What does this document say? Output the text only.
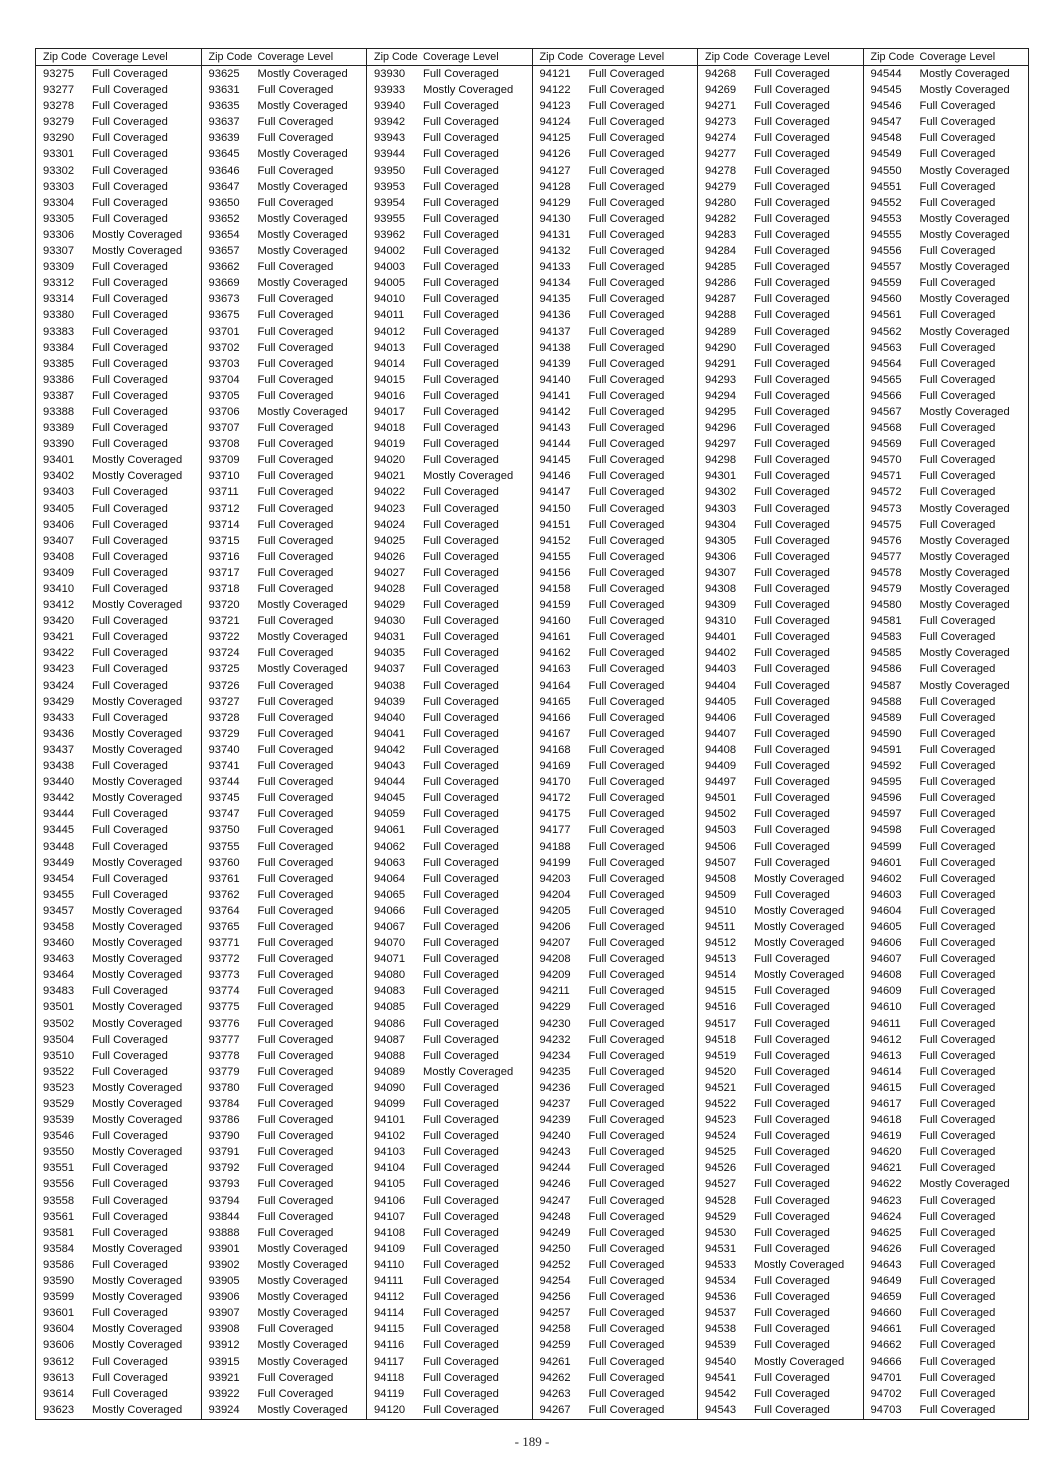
Zip Code Coverage Level
93275	Full Coveraged
93277	Full Coveraged
93278	Full Coveraged
93279	Full Coveraged
93290	Full Coveraged
93301	Full Coveraged
93302	Full Coveraged
93303	Full Coveraged
93304	Full Coveraged
93305	Full Coveraged
93306	Mostly Coveraged
93307	Mostly Coveraged
93309	Full Coveraged
93312	Full Coveraged
93314	Full Coveraged
93380	Full Coveraged
93383	Full Coveraged
93384	Full Coveraged
93385	Full Coveraged
93386	Full Coveraged
93387	Full Coveraged
93388	Full Coveraged
93389	Full Coveraged
93390	Full Coveraged
93401	Mostly Coveraged
93402	Mostly Coveraged
93403	Full Coveraged
93405	Full Coveraged
93406	Full Coveraged
93407	Full Coveraged
93408	Full Coveraged
93409	Full Coveraged
93410	Full Coveraged
93412	Mostly Coveraged
93420	Full Coveraged
93421	Full Coveraged
93422	Full Coveraged
93423	Full Coveraged
93424	Full Coveraged
93429	Mostly Coveraged
93433	Full Coveraged
93436	Mostly Coveraged
93437	Mostly Coveraged
93438	Full Coveraged
93440	Mostly Coveraged
93442	Mostly Coveraged
93444	Full Coveraged
93445	Full Coveraged
93448	Full Coveraged
93449	Mostly Coveraged
93454	Full Coveraged
93455	Full Coveraged
93457	Mostly Coveraged
93458	Mostly Coveraged
93460	Mostly Coveraged
93463	Mostly Coveraged
93464	Mostly Coveraged
93483	Full Coveraged
93501	Mostly Coveraged
93502	Mostly Coveraged
93504	Full Coveraged
93510	Full Coveraged
93522	Full Coveraged
93523	Mostly Coveraged
93529	Mostly Coveraged
93539	Mostly Coveraged
93546	Full Coveraged
93550	Mostly Coveraged
93551	Full Coveraged
93556	Full Coveraged
93558	Full Coveraged
93561	Full Coveraged
93581	Full Coveraged
93584	Mostly Coveraged
93586	Full Coveraged
93590	Mostly Coveraged
93599	Mostly Coveraged
93601	Full Coveraged
93604	Mostly Coveraged
93606	Mostly Coveraged
93612	Full Coveraged
93613	Full Coveraged
93614	Full Coveraged
93623	Mostly Coveraged
Zip Code Coverage Level
93625	Mostly Coveraged
93631	Full Coveraged
93635	Mostly Coveraged
93637	Full Coveraged
93639	Full Coveraged
93645	Mostly Coveraged
93646	Full Coveraged
93647	Mostly Coveraged
93650	Full Coveraged
93652	Mostly Coveraged
93654	Mostly Coveraged
93657	Mostly Coveraged
93662	Full Coveraged
93669	Mostly Coveraged
93673	Full Coveraged
93675	Full Coveraged
93701	Full Coveraged
93702	Full Coveraged
93703	Full Coveraged
93704	Full Coveraged
93705	Full Coveraged
93706	Mostly Coveraged
93707	Full Coveraged
93708	Full Coveraged
93709	Full Coveraged
93710	Full Coveraged
93711	Full Coveraged
93712	Full Coveraged
93714	Full Coveraged
93715	Full Coveraged
93716	Full Coveraged
93717	Full Coveraged
93718	Full Coveraged
93720	Mostly Coveraged
93721	Full Coveraged
93722	Mostly Coveraged
93724	Full Coveraged
93725	Mostly Coveraged
93726	Full Coveraged
93727	Full Coveraged
93728	Full Coveraged
93729	Full Coveraged
93740	Full Coveraged
93741	Full Coveraged
93744	Full Coveraged
93745	Full Coveraged
93747	Full Coveraged
93750	Full Coveraged
93755	Full Coveraged
93760	Full Coveraged
93761	Full Coveraged
93762	Full Coveraged
93764	Full Coveraged
93765	Full Coveraged
93771	Full Coveraged
93772	Full Coveraged
93773	Full Coveraged
93774	Full Coveraged
93775	Full Coveraged
93776	Full Coveraged
93777	Full Coveraged
93778	Full Coveraged
93779	Full Coveraged
93780	Full Coveraged
93784	Full Coveraged
93786	Full Coveraged
93790	Full Coveraged
93791	Full Coveraged
93792	Full Coveraged
93793	Full Coveraged
93794	Full Coveraged
93844	Full Coveraged
93888	Full Coveraged
93901	Mostly Coveraged
93902	Mostly Coveraged
93905	Mostly Coveraged
93906	Mostly Coveraged
93907	Mostly Coveraged
93908	Full Coveraged
93912	Mostly Coveraged
93915	Mostly Coveraged
93921	Full Coveraged
93922	Full Coveraged
93924	Mostly Coveraged
Zip Code Coverage Level
93930	Full Coveraged
93933	Mostly Coveraged
93940	Full Coveraged
93942	Full Coveraged
93943	Full Coveraged
93944	Full Coveraged
93950	Full Coveraged
93953	Full Coveraged
93954	Full Coveraged
93955	Full Coveraged
93962	Full Coveraged
94002	Full Coveraged
94003	Full Coveraged
94005	Full Coveraged
94010	Full Coveraged
94011	Full Coveraged
94012	Full Coveraged
94013	Full Coveraged
94014	Full Coveraged
94015	Full Coveraged
94016	Full Coveraged
94017	Full Coveraged
94018	Full Coveraged
94019	Full Coveraged
94020	Full Coveraged
94021	Mostly Coveraged
94022	Full Coveraged
94023	Full Coveraged
94024	Full Coveraged
94025	Full Coveraged
94026	Full Coveraged
94027	Full Coveraged
94028	Full Coveraged
94029	Full Coveraged
94030	Full Coveraged
94031	Full Coveraged
94035	Full Coveraged
94037	Full Coveraged
94038	Full Coveraged
94039	Full Coveraged
94040	Full Coveraged
94041	Full Coveraged
94042	Full Coveraged
94043	Full Coveraged
94044	Full Coveraged
94045	Full Coveraged
94059	Full Coveraged
94061	Full Coveraged
94062	Full Coveraged
94063	Full Coveraged
94064	Full Coveraged
94065	Full Coveraged
94066	Full Coveraged
94067	Full Coveraged
94070	Full Coveraged
94071	Full Coveraged
94080	Full Coveraged
94083	Full Coveraged
94085	Full Coveraged
94086	Full Coveraged
94087	Full Coveraged
94088	Full Coveraged
94089	Mostly Coveraged
94090	Full Coveraged
94099	Full Coveraged
94101	Full Coveraged
94102	Full Coveraged
94103	Full Coveraged
94104	Full Coveraged
94105	Full Coveraged
94106	Full Coveraged
94107	Full Coveraged
94108	Full Coveraged
94109	Full Coveraged
94110	Full Coveraged
94111	Full Coveraged
94112	Full Coveraged
94114	Full Coveraged
94115	Full Coveraged
94116	Full Coveraged
94117	Full Coveraged
94118	Full Coveraged
94119	Full Coveraged
94120	Full Coveraged
Zip Code Coverage Level
94121	Full Coveraged
94122	Full Coveraged
94123	Full Coveraged
94124	Full Coveraged
94125	Full Coveraged
94126	Full Coveraged
94127	Full Coveraged
94128	Full Coveraged
94129	Full Coveraged
94130	Full Coveraged
94131	Full Coveraged
94132	Full Coveraged
94133	Full Coveraged
94134	Full Coveraged
94135	Full Coveraged
94136	Full Coveraged
94137	Full Coveraged
94138	Full Coveraged
94139	Full Coveraged
94140	Full Coveraged
94141	Full Coveraged
94142	Full Coveraged
94143	Full Coveraged
94144	Full Coveraged
94145	Full Coveraged
94146	Full Coveraged
94147	Full Coveraged
94150	Full Coveraged
94151	Full Coveraged
94152	Full Coveraged
94155	Full Coveraged
94156	Full Coveraged
94158	Full Coveraged
94159	Full Coveraged
94160	Full Coveraged
94161	Full Coveraged
94162	Full Coveraged
94163	Full Coveraged
94164	Full Coveraged
94165	Full Coveraged
94166	Full Coveraged
94167	Full Coveraged
94168	Full Coveraged
94169	Full Coveraged
94170	Full Coveraged
94172	Full Coveraged
94175	Full Coveraged
94177	Full Coveraged
94188	Full Coveraged
94199	Full Coveraged
94203	Full Coveraged
94204	Full Coveraged
94205	Full Coveraged
94206	Full Coveraged
94207	Full Coveraged
94208	Full Coveraged
94209	Full Coveraged
94211	Full Coveraged
94229	Full Coveraged
94230	Full Coveraged
94232	Full Coveraged
94234	Full Coveraged
94235	Full Coveraged
94236	Full Coveraged
94237	Full Coveraged
94239	Full Coveraged
94240	Full Coveraged
94243	Full Coveraged
94244	Full Coveraged
94246	Full Coveraged
94247	Full Coveraged
94248	Full Coveraged
94249	Full Coveraged
94250	Full Coveraged
94252	Full Coveraged
94254	Full Coveraged
94256	Full Coveraged
94257	Full Coveraged
94258	Full Coveraged
94259	Full Coveraged
94261	Full Coveraged
94262	Full Coveraged
94263	Full Coveraged
94267	Full Coveraged
Zip Code Coverage Level
94268	Full Coveraged
94269	Full Coveraged
94271	Full Coveraged
94273	Full Coveraged
94274	Full Coveraged
94277	Full Coveraged
94278	Full Coveraged
94279	Full Coveraged
94280	Full Coveraged
94282	Full Coveraged
94283	Full Coveraged
94284	Full Coveraged
94285	Full Coveraged
94286	Full Coveraged
94287	Full Coveraged
94288	Full Coveraged
94289	Full Coveraged
94290	Full Coveraged
94291	Full Coveraged
94293	Full Coveraged
94294	Full Coveraged
94295	Full Coveraged
94296	Full Coveraged
94297	Full Coveraged
94298	Full Coveraged
94301	Full Coveraged
94302	Full Coveraged
94303	Full Coveraged
94304	Full Coveraged
94305	Full Coveraged
94306	Full Coveraged
94307	Full Coveraged
94308	Full Coveraged
94309	Full Coveraged
94310	Full Coveraged
94401	Full Coveraged
94402	Full Coveraged
94403	Full Coveraged
94404	Full Coveraged
94405	Full Coveraged
94406	Full Coveraged
94407	Full Coveraged
94408	Full Coveraged
94409	Full Coveraged
94497	Full Coveraged
94501	Full Coveraged
94502	Full Coveraged
94503	Full Coveraged
94506	Full Coveraged
94507	Full Coveraged
94508	Mostly Coveraged
94509	Full Coveraged
94510	Mostly Coveraged
94511	Mostly Coveraged
94512	Mostly Coveraged
94513	Full Coveraged
94514	Mostly Coveraged
94515	Full Coveraged
94516	Full Coveraged
94517	Full Coveraged
94518	Full Coveraged
94519	Full Coveraged
94520	Full Coveraged
94521	Full Coveraged
94522	Full Coveraged
94523	Full Coveraged
94524	Full Coveraged
94525	Full Coveraged
94526	Full Coveraged
94527	Full Coveraged
94528	Full Coveraged
94529	Full Coveraged
94530	Full Coveraged
94531	Full Coveraged
94533	Mostly Coveraged
94534	Full Coveraged
94536	Full Coveraged
94537	Full Coveraged
94538	Full Coveraged
94539	Full Coveraged
94540	Mostly Coveraged
94541	Full Coveraged
94542	Full Coveraged
94543	Full Coveraged
Zip Code Coverage Level
94544	Mostly Coveraged
94545	Mostly Coveraged
94546	Full Coveraged
94547	Full Coveraged
94548	Full Coveraged
94549	Full Coveraged
94550	Mostly Coveraged
94551	Full Coveraged
94552	Full Coveraged
94553	Mostly Coveraged
94555	Mostly Coveraged
94556	Full Coveraged
94557	Mostly Coveraged
94559	Full Coveraged
94560	Mostly Coveraged
94561	Full Coveraged
94562	Mostly Coveraged
94563	Full Coveraged
94564	Full Coveraged
94565	Full Coveraged
94566	Full Coveraged
94567	Mostly Coveraged
94568	Full Coveraged
94569	Full Coveraged
94570	Full Coveraged
94571	Full Coveraged
94572	Full Coveraged
94573	Mostly Coveraged
94575	Full Coveraged
94576	Mostly Coveraged
94577	Mostly Coveraged
94578	Mostly Coveraged
94579	Mostly Coveraged
94580	Mostly Coveraged
94581	Full Coveraged
94583	Full Coveraged
94585	Mostly Coveraged
94586	Full Coveraged
94587	Mostly Coveraged
94588	Full Coveraged
94589	Full Coveraged
94590	Full Coveraged
94591	Full Coveraged
94592	Full Coveraged
94595	Full Coveraged
94596	Full Coveraged
94597	Full Coveraged
94598	Full Coveraged
94599	Full Coveraged
94601	Full Coveraged
94602	Full Coveraged
94603	Full Coveraged
94604	Full Coveraged
94605	Full Coveraged
94606	Full Coveraged
94607	Full Coveraged
94608	Full Coveraged
94609	Full Coveraged
94610	Full Coveraged
94611	Full Coveraged
94612	Full Coveraged
94613	Full Coveraged
94614	Full Coveraged
94615	Full Coveraged
94617	Full Coveraged
94618	Full Coveraged
94619	Full Coveraged
94620	Full Coveraged
94621	Full Coveraged
94622	Mostly Coveraged
94623	Full Coveraged
94624	Full Coveraged
94625	Full Coveraged
94626	Full Coveraged
94643	Full Coveraged
94649	Full Coveraged
94659	Full Coveraged
94660	Full Coveraged
94661	Full Coveraged
94662	Full Coveraged
94666	Full Coveraged
94701	Full Coveraged
94702	Full Coveraged
94703	Full Coveraged
- 189 -
